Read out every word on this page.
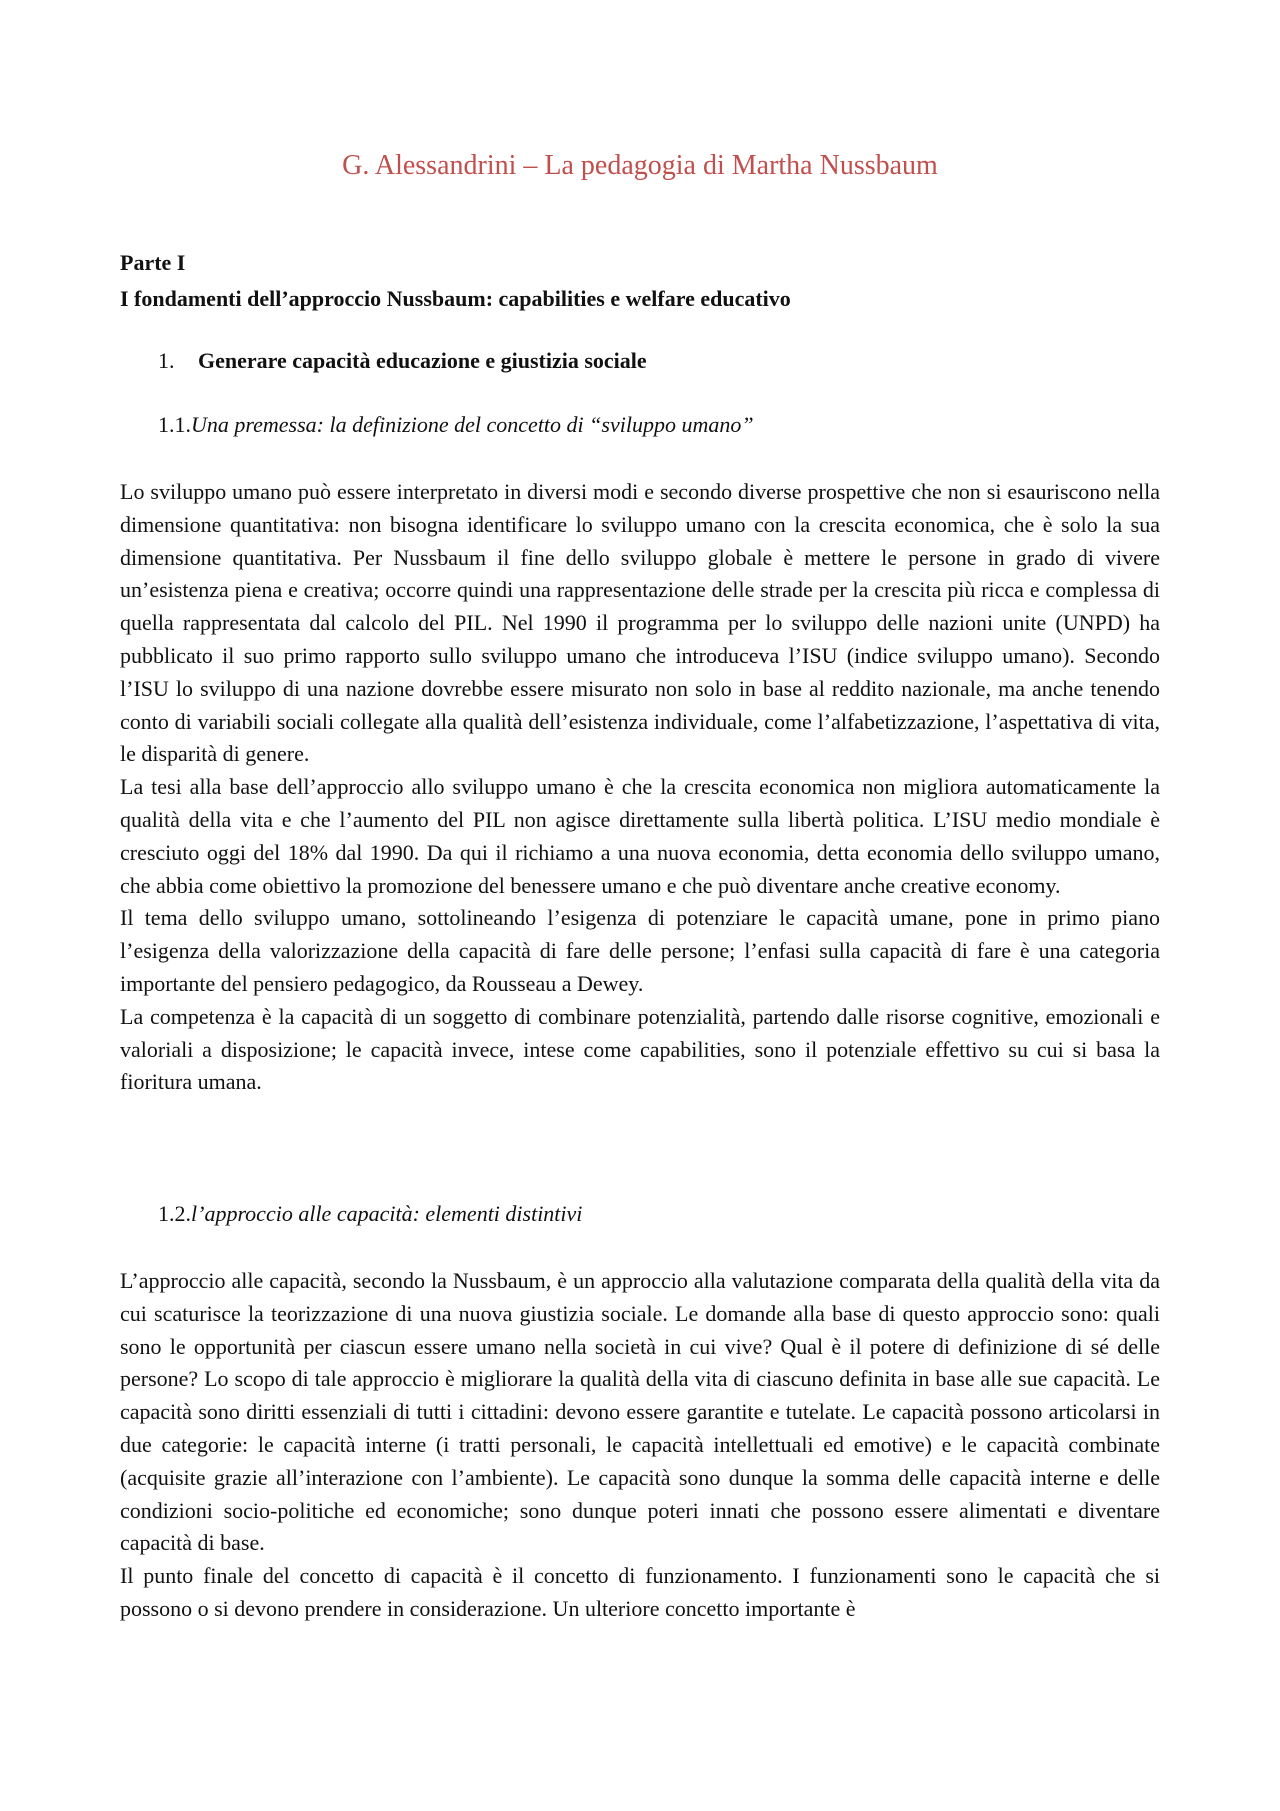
G. Alessandrini – La pedagogia di Martha Nussbaum
Parte I
I fondamenti dell’approccio Nussbaum: capabilities e welfare educativo
1. Generare capacità educazione e giustizia sociale
1.1.Una premessa: la definizione del concetto di “sviluppo umano”

Lo sviluppo umano può essere interpretato in diversi modi e secondo diverse prospettive che non si esauriscono nella dimensione quantitativa: non bisogna identificare lo sviluppo umano con la crescita economica, che è solo la sua dimensione quantitativa. Per Nussbaum il fine dello sviluppo globale è mettere le persone in grado di vivere un’esistenza piena e creativa; occorre quindi una rappresentazione delle strade per la crescita più ricca e complessa di quella rappresentata dal calcolo del PIL. Nel 1990 il programma per lo sviluppo delle nazioni unite (UNPD) ha pubblicato il suo primo rapporto sullo sviluppo umano che introduceva l’ISU (indice sviluppo umano). Secondo l’ISU lo sviluppo di una nazione dovrebbe essere misurato non solo in base al reddito nazionale, ma anche tenendo conto di variabili sociali collegate alla qualità dell’esistenza individuale, come l’alfabetizzazione, l’aspettativa di vita, le disparità di genere.

La tesi alla base dell’approccio allo sviluppo umano è che la crescita economica non migliora automaticamente la qualità della vita e che l’aumento del PIL non agisce direttamente sulla libertà politica. L’ISU medio mondiale è cresciuto oggi del 18% dal 1990. Da qui il richiamo a una nuova economia, detta economia dello sviluppo umano, che abbia come obiettivo la promozione del benessere umano e che può diventare anche creative economy.

Il tema dello sviluppo umano, sottolineando l’esigenza di potenziare le capacità umane, pone in primo piano l’esigenza della valorizzazione della capacità di fare delle persone; l’enfasi sulla capacità di fare è una categoria importante del pensiero pedagogico, da Rousseau a Dewey.

La competenza è la capacità di un soggetto di combinare potenzialità, partendo dalle risorse cognitive, emozionali e valoriali a disposizione; le capacità invece, intese come capabilities, sono il potenziale effettivo su cui si basa la fioritura umana.

1.2.l’approccio alle capacità: elementi distintivi

L’approccio alle capacità, secondo la Nussbaum, è un approccio alla valutazione comparata della qualità della vita da cui scaturisce la teorizzazione di una nuova giustizia sociale. Le domande alla base di questo approccio sono: quali sono le opportunità per ciascun essere umano nella società in cui vive? Qual è il potere di definizione di sé delle persone? Lo scopo di tale approccio è migliorare la qualità della vita di ciascuno definita in base alle sue capacità. Le capacità sono diritti essenziali di tutti i cittadini: devono essere garantite e tutelate. Le capacità possono articolarsi in due categorie: le capacità interne (i tratti personali, le capacità intellettuali ed emotive) e le capacità combinate (acquisite grazie all’interazione con l’ambiente). Le capacità sono dunque la somma delle capacità interne e delle condizioni socio-politiche ed economiche; sono dunque poteri innati che possono essere alimentati e diventare capacità di base.

Il punto finale del concetto di capacità è il concetto di funzionamento. I funzionamenti sono le capacità che si possono o si devono prendere in considerazione. Un ulteriore concetto importante è
